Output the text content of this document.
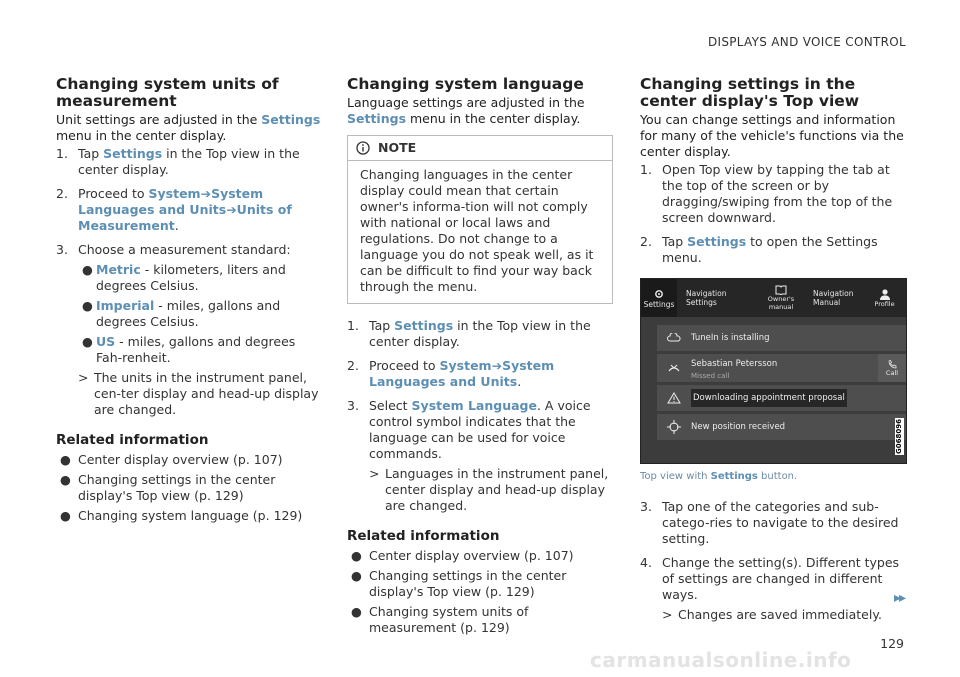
DISPLAYS AND VOICE CONTROL
Changing system units of measurement

Unit settings are adjusted in the Settings menu in the center display.

1. Tap Settings in the Top view in the center display.
2. Proceed to System➔System Languages and Units➔Units of Measurement.
3. Choose a measurement standard:
● Metric - kilometers, liters and degrees Celsius.
● Imperial - miles, gallons and degrees Celsius.
● US - miles, gallons and degrees Fah-renheit.
> The units in the instrument panel, cen-ter display and head-up display are changed.
Related information
● Center display overview (p. 107)
● Changing settings in the center display's Top view (p. 129)
● Changing system language (p. 129)
Changing system language

Language settings are adjusted in the Settings menu in the center display.

NOTE
Changing languages in the center display could mean that certain owner's informa-tion will not comply with national or local laws and regulations. Do not change to a language you do not speak well, as it can be difficult to find your way back through the menu.
1. Tap Settings in the Top view in the center display.
2. Proceed to System➔System Languages and Units.
3. Select System Language. A voice control symbol indicates that the language can be used for voice commands.
> Languages in the instrument panel, center display and head-up display are changed.
Related information
● Center display overview (p. 107)
● Changing settings in the center display's Top view (p. 129)
● Changing system units of measurement (p. 129)
Changing settings in the center display's Top view

You can change settings and information for many of the vehicle's functions via the center display.

1. Open Top view by tapping the tab at the top of the screen or by dragging/swiping from the top of the screen downward.
2. Tap Settings to open the Settings menu.
Settings
Navigation Settings	Owner's manual
Navigation Manual	Profile
TuneIn is installing
Sebastian Petersson
Missed call	Call
Downloading appointment proposal
New position received	G068096
Top view with Settings button.
3. Tap one of the categories and sub-catego-ries to navigate to the desired setting.
4. Change the setting(s). Different types of settings are changed in different ways.
> Changes are saved immediately.
▸▸
129
carmanualsonline.info
